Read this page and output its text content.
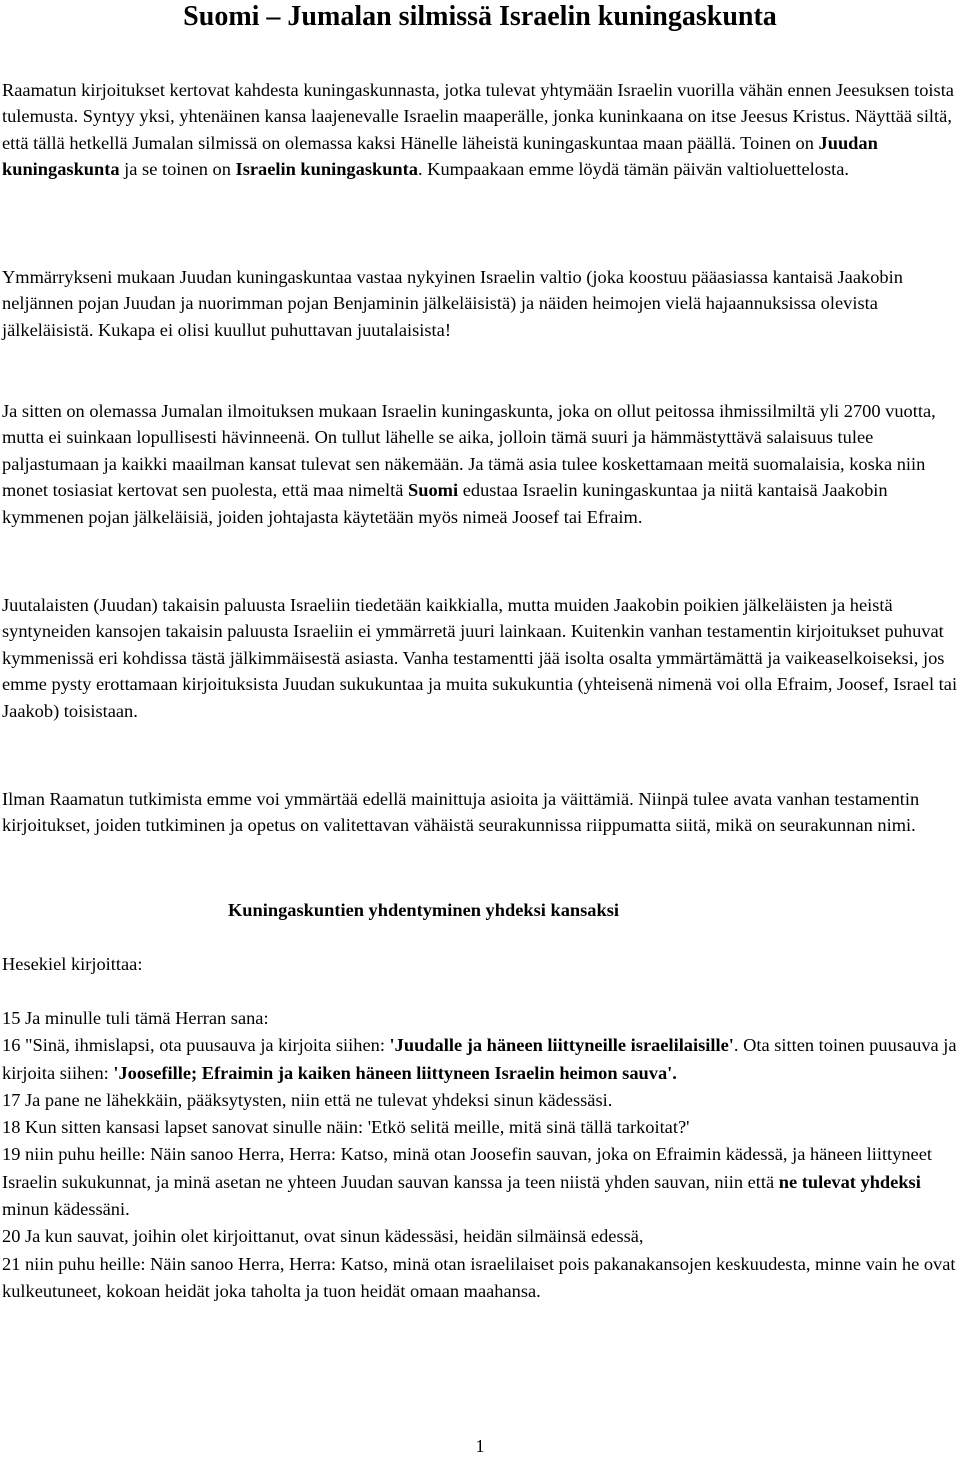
Suomi – Jumalan silmissä Israelin kuningaskunta
Raamatun kirjoitukset kertovat kahdesta kuningaskunnasta, jotka tulevat yhtymään Israelin vuorilla vähän ennen Jeesuksen toista tulemusta. Syntyy yksi, yhtenäinen kansa laajenevalle Israelin maaperälle, jonka kuninkaana on itse Jeesus Kristus. Näyttää siltä, että tällä hetkellä Jumalan silmissä on olemassa kaksi Hänelle läheistä kuningaskuntaa maan päällä. Toinen on Juudan kuningaskunta ja se toinen on Israelin kuningaskunta. Kumpaakaan emme löydä tämän päivän valtioluettelosta.
Ymmärrykseni mukaan Juudan kuningaskuntaa vastaa nykyinen Israelin valtio (joka koostuu pääasiassa kantaisä Jaakobin neljännen pojan Juudan ja nuorimman pojan Benjaminin jälkeläisistä) ja näiden heimojen vielä hajaannuksissa olevista jälkeläisistä. Kukapa ei olisi kuullut puhuttavan juutalaisista!
Ja sitten on olemassa Jumalan ilmoituksen mukaan Israelin kuningaskunta, joka on ollut peitossa ihmissilmiltä yli 2700 vuotta, mutta ei suinkaan lopullisesti hävinneenä. On tullut lähelle se aika, jolloin tämä suuri ja hämmästyttävä salaisuus tulee paljastumaan ja kaikki maailman kansat tulevat sen näkemään. Ja tämä asia tulee koskettamaan meitä suomalaisia, koska niin monet tosiasiat kertovat sen puolesta, että maa nimeltä Suomi edustaa Israelin kuningaskuntaa ja niitä kantaisä Jaakobin kymmenen pojan jälkeläisiä, joiden johtajasta käytetään myös nimeä Joosef tai Efraim.
Juutalaisten (Juudan) takaisin paluusta Israeliin tiedetään kaikkialla, mutta muiden Jaakobin poikien jälkeläisten ja heistä syntyneiden kansojen takaisin paluusta Israeliin ei ymmärretä juuri lainkaan. Kuitenkin vanhan testamentin kirjoitukset puhuvat kymmenissä eri kohdissa tästä jälkimmäisestä asiasta. Vanha testamentti jää isolta osalta ymmärtämättä ja vaikeaselkoiseksi, jos emme pysty erottamaan kirjoituksista Juudan sukukuntaa ja muita sukukuntia (yhteisenä nimenä voi olla Efraim, Joosef, Israel tai Jaakob) toisistaan.
Ilman Raamatun tutkimista emme voi ymmärtää edellä mainittuja asioita ja väittämiä. Niinpä tulee avata vanhan testamentin kirjoitukset, joiden tutkiminen ja opetus on valitettavan vähäistä seurakunnissa riippumatta siitä, mikä on seurakunnan nimi.
Kuningaskuntien yhdentyminen yhdeksi kansaksi
Hesekiel kirjoittaa:
15 Ja minulle tuli tämä Herran sana:
16 "Sinä, ihmislapsi, ota puusauva ja kirjoita siihen: 'Juudalle ja häneen liittyneille israelilaisille'. Ota sitten toinen puusauva ja kirjoita siihen: 'Joosefille; Efraimin ja kaiken häneen liittyneen Israelin heimon sauva'.
17 Ja pane ne lähekkäin, pääksytysten, niin että ne tulevat yhdeksi sinun kädessäsi.
18 Kun sitten kansasi lapset sanovat sinulle näin: 'Etkö selitä meille, mitä sinä tällä tarkoitat?'
19 niin puhu heille: Näin sanoo Herra, Herra: Katso, minä otan Joosefin sauvan, joka on Efraimin kädessä, ja häneen liittyneet Israelin sukukunnat, ja minä asetan ne yhteen Juudan sauvan kanssa ja teen niistä yhden sauvan, niin että ne tulevat yhdeksi minun kädessäni.
20 Ja kun sauvat, joihin olet kirjoittanut, ovat sinun kädessäsi, heidän silmäinsä edessä,
21 niin puhu heille: Näin sanoo Herra, Herra: Katso, minä otan israelilaiset pois pakanakansojen keskuudesta, minne vain he ovat kulkeutuneet, kokoan heidät joka taholta ja tuon heidät omaan maahansa.
1
